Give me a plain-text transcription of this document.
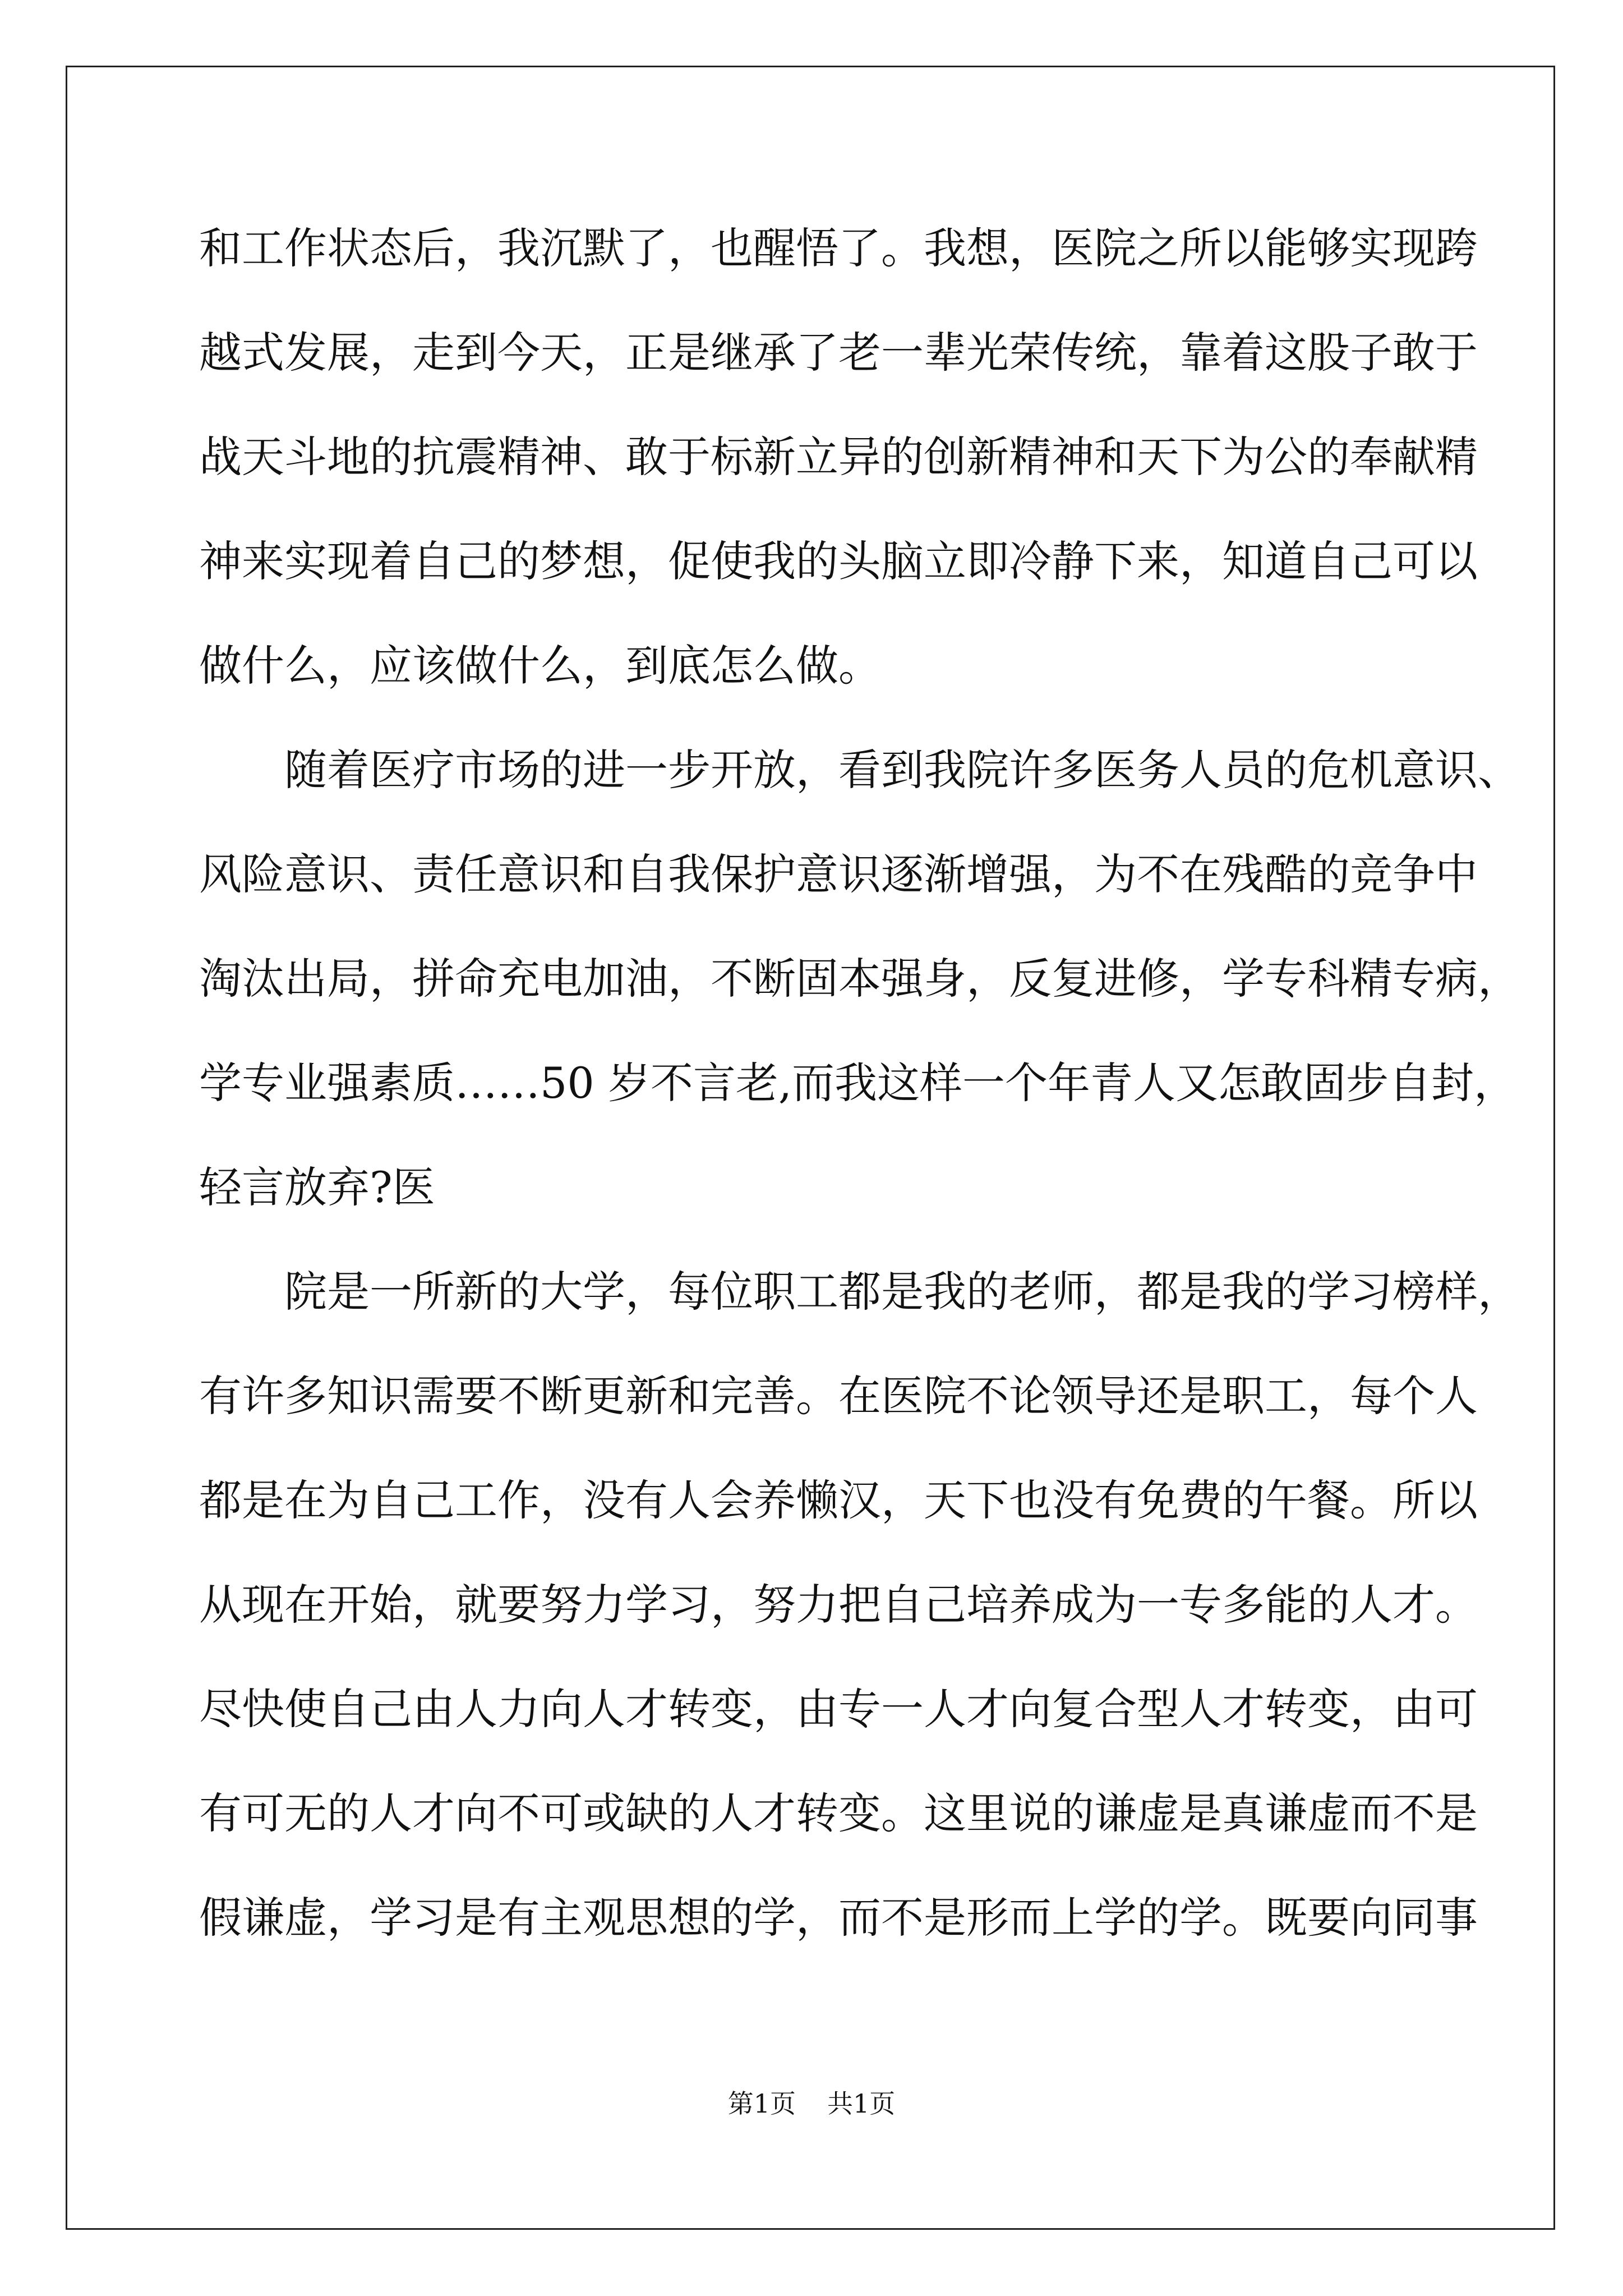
和工作状态后，我沉默了，也醒悟了。我想，医院之所以能够实现跨
越式发展，走到今天，正是继承了老一辈光荣传统，靠着这股子敢于
战天斗地的抗震精神、敢于标新立异的创新精神和天下为公的奉献精
神来实现着自己的梦想，促使我的头脑立即冷静下来，知道自己可以
做什么，应该做什么，到底怎么做。
随着医疗市场的进一步开放，看到我院许多医务人员的危机意识、
风险意识、责任意识和自我保护意识逐渐增强，为不在残酷的竞争中
淘汰出局，拼命充电加油，不断固本强身，反复进修，学专科精专病，
学专业强素质……50 岁不言老,而我这样一个年青人又怎敢固步自封，
轻言放弃?医
院是一所新的大学，每位职工都是我的老师，都是我的学习榜样，
有许多知识需要不断更新和完善。在医院不论领导还是职工，每个人
都是在为自己工作，没有人会养懒汉，天下也没有免费的午餐。所以
从现在开始，就要努力学习，努力把自己培养成为一专多能的人才。
尽快使自己由人力向人才转变，由专一人才向复合型人才转变，由可
有可无的人才向不可或缺的人才转变。这里说的谦虚是真谦虚而不是
假谦虚，学习是有主观思想的学，而不是形而上学的学。既要向同事
第1页 共1页
